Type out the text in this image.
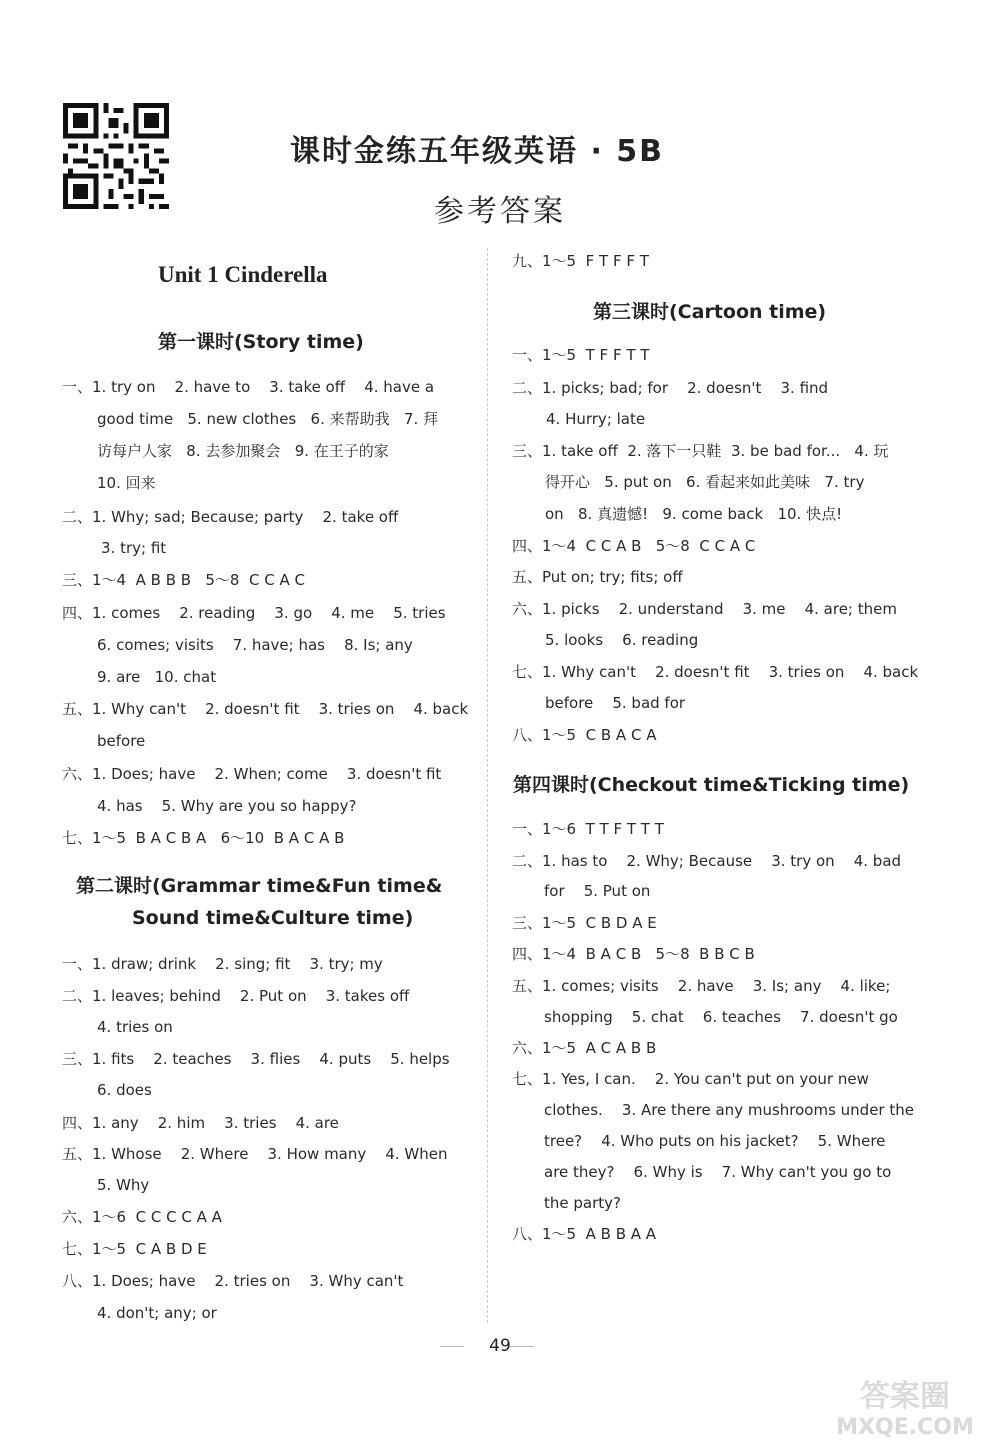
课时金练五年级英语 · 5B
参考答案
Unit 1 Cinderella
第一课时(Story time)
一、1. try on    2. have to    3. take off    4. have a
good time   5. new clothes   6. 来帮助我   7. 拜
访每户人家   8. 去参加聚会   9. 在王子的家
10. 回来
二、1. Why; sad; Because; party    2. take off
3. try; fit
三、1～4  A B B B   5～8  C C A C
四、1. comes    2. reading    3. go    4. me    5. tries
6. comes; visits    7. have; has    8. Is; any
9. are   10. chat
五、1. Why can't    2. doesn't fit    3. tries on    4. back
before
六、1. Does; have    2. When; come    3. doesn't fit
4. has    5. Why are you so happy?
七、1～5  B A C B A   6～10  B A C A B
第二课时(Grammar time&Fun time&
Sound time&Culture time)
一、1. draw; drink    2. sing; fit    3. try; my
二、1. leaves; behind    2. Put on    3. takes off
4. tries on
三、1. fits    2. teaches    3. flies    4. puts    5. helps
6. does
四、1. any    2. him    3. tries    4. are
五、1. Whose    2. Where    3. How many    4. When
5. Why
六、1～6  C C C C A A
七、1～5  C A B D E
八、1. Does; have    2. tries on    3. Why can't
4. don't; any; or
九、1～5  F T F F T
第三课时(Cartoon time)
一、1～5  T F F T T
二、1. picks; bad; for    2. doesn't    3. find
4. Hurry; late
三、1. take off  2. 落下一只鞋  3. be bad for...   4. 玩
得开心   5. put on   6. 看起来如此美味   7. try
on   8. 真遗憾!   9. come back   10. 快点!
四、1～4  C C A B   5～8  C C A C
五、Put on; try; fits; off
六、1. picks    2. understand    3. me    4. are; them
5. looks    6. reading
七、1. Why can't    2. doesn't fit    3. tries on    4. back
before    5. bad for
八、1～5  C B A C A
第四课时(Checkout time&Ticking time)
一、1～6  T T F T T T
二、1. has to    2. Why; Because    3. try on    4. bad
for    5. Put on
三、1～5  C B D A E
四、1～4  B A C B   5～8  B B C B
五、1. comes; visits    2. have    3. Is; any    4. like;
shopping    5. chat    6. teaches    7. doesn't go
六、1～5  A C A B B
七、1. Yes, I can.    2. You can't put on your new
clothes.    3. Are there any mushrooms under the
tree?    4. Who puts on his jacket?    5. Where
are they?    6. Why is    7. Why can't you go to
the party?
八、1～5  A B B A A
49
答案圈
MXQE.COM
